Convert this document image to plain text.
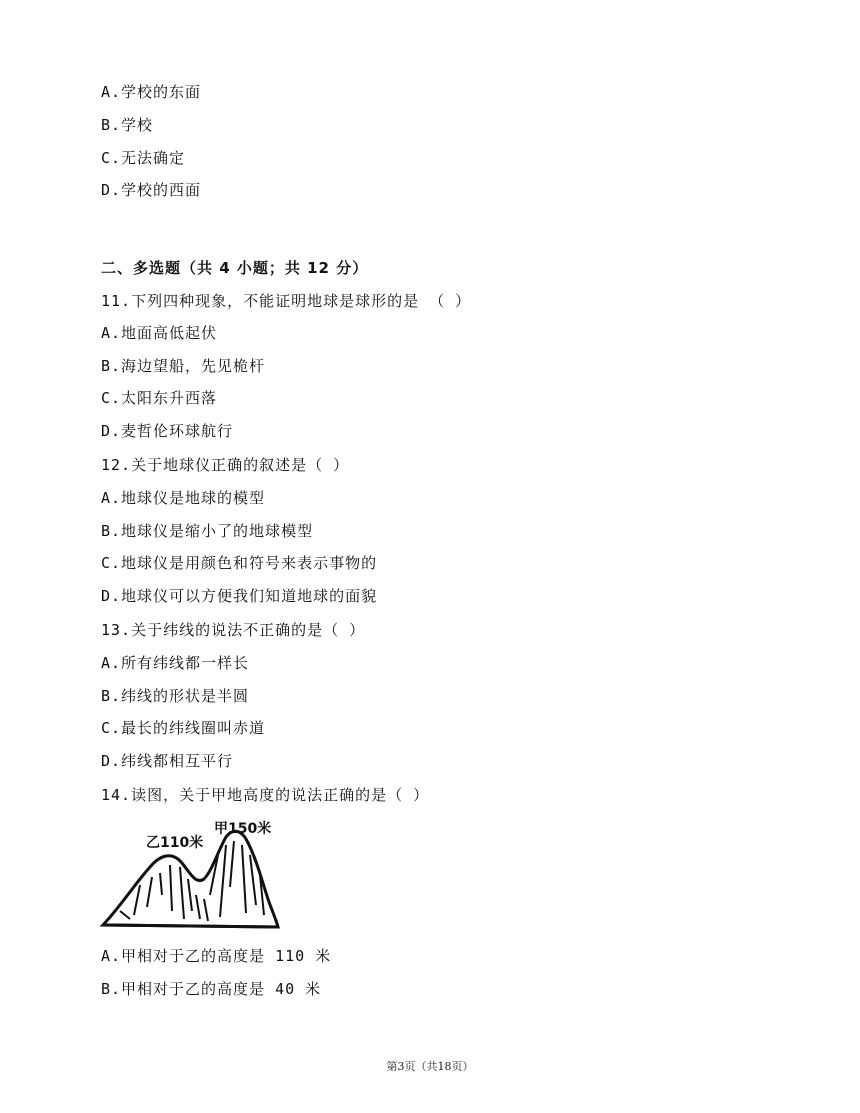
A.学校的东面
B.学校
C.无法确定
D.学校的西面
二、多选题（共 4 小题；共 12 分）
11.下列四种现象，不能证明地球是球形的是 （ ）
A.地面高低起伏
B.海边望船，先见桅杆
C.太阳东升西落
D.麦哲伦环球航行
12.关于地球仪正确的叙述是（ ）
A.地球仪是地球的模型
B.地球仪是缩小了的地球模型
C.地球仪是用颜色和符号来表示事物的
D.地球仪可以方便我们知道地球的面貌
13.关于纬线的说法不正确的是（ ）
A.所有纬线都一样长
B.纬线的形状是半圆
C.最长的纬线圈叫赤道
D.纬线都相互平行
14.读图，关于甲地高度的说法正确的是（ ）
乙110米
甲150米
A.甲相对于乙的高度是 110 米
B.甲相对于乙的高度是 40 米
第3页（共18页）
